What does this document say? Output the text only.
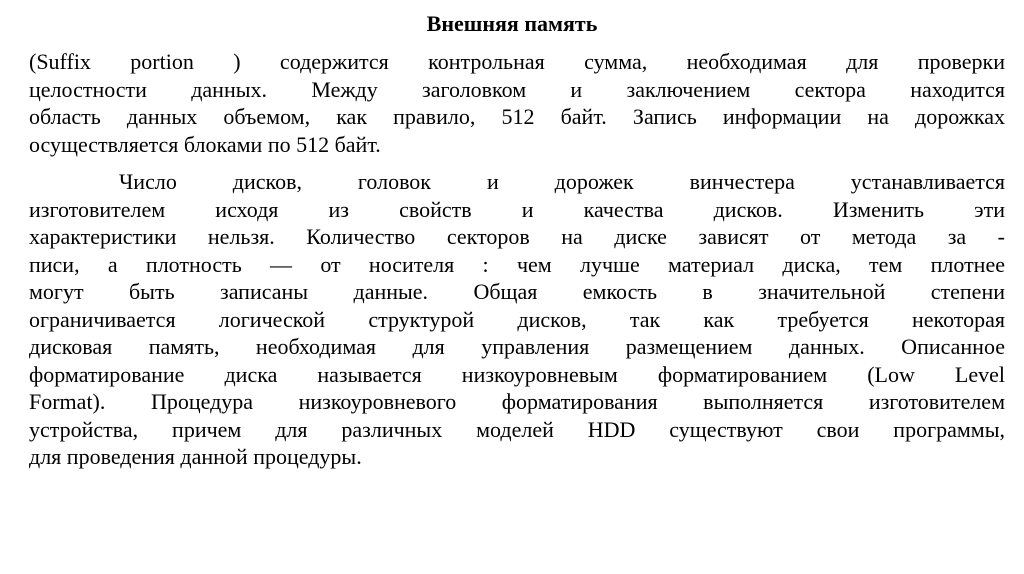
Внешняя память

(Suffix portion ) содержится контрольная сумма, необходимая для проверки
целостности данных. Между заголовком и заключением сектора находится
область данных объемом, как правило, 512 байт. Запись информации на дорожках
осуществляется блоками по 512 байт.

Число дисков, головок и дорожек винчестера устанавливается
изготовителем исходя из свойств и качества дисков. Изменить эти
характеристики нельзя. Количество секторов на диске зависят от метода за -
писи, а плотность — от носителя : чем лучше материал диска, тем плотнее
могут быть записаны данные. Общая емкость в значительной степени
ограничивается логической структурой дисков, так как требуется некоторая
дисковая память, необходимая для управления размещением данных. Описанное
форматирование диска называется низкоуровневым форматированием (Low Level
Format). Процедура низкоуровневого форматирования выполняется изготовителем
устройства, причем для различных моделей HDD существуют свои программы,
для проведения данной процедуры.
